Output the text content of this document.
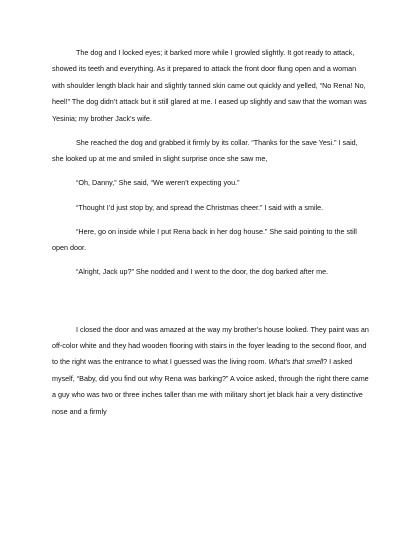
The dog and I locked eyes; it barked more while I growled slightly. It got ready to attack, showed its teeth and everything. As it prepared to attack the front door flung open and a woman with shoulder length black hair and slightly tanned skin came out quickly and yelled, “No Rena! No, heel!” The dog didn’t attack but it still glared at me. I eased up slightly and saw that the woman was Yesinia; my brother Jack’s wife.

She reached the dog and grabbed it firmly by its collar. “Thanks for the save Yesi.” I said, she looked up at me and smiled in slight surprise once she saw me,

“Oh, Danny,” She said, “We weren’t expecting you.”

“Thought I’d just stop by, and spread the Christmas cheer.” I said with a smile.

“Here, go on inside while I put Rena back in her dog house.” She said pointing to the still open door.

“Alright, Jack up?” She nodded and I went to the door, the dog barked after me.

I closed the door and was amazed at the way my brother’s house looked. They paint was an off-color white and they had wooden flooring with stairs in the foyer leading to the second floor, and to the right was the entrance to what I guessed was the living room. What’s that smell? I asked myself, “Baby, did you find out why Rena was barking?” A voice asked, through the right there came a guy who was two or three inches taller than me with military short jet black hair a very distinctive nose and a firmly
